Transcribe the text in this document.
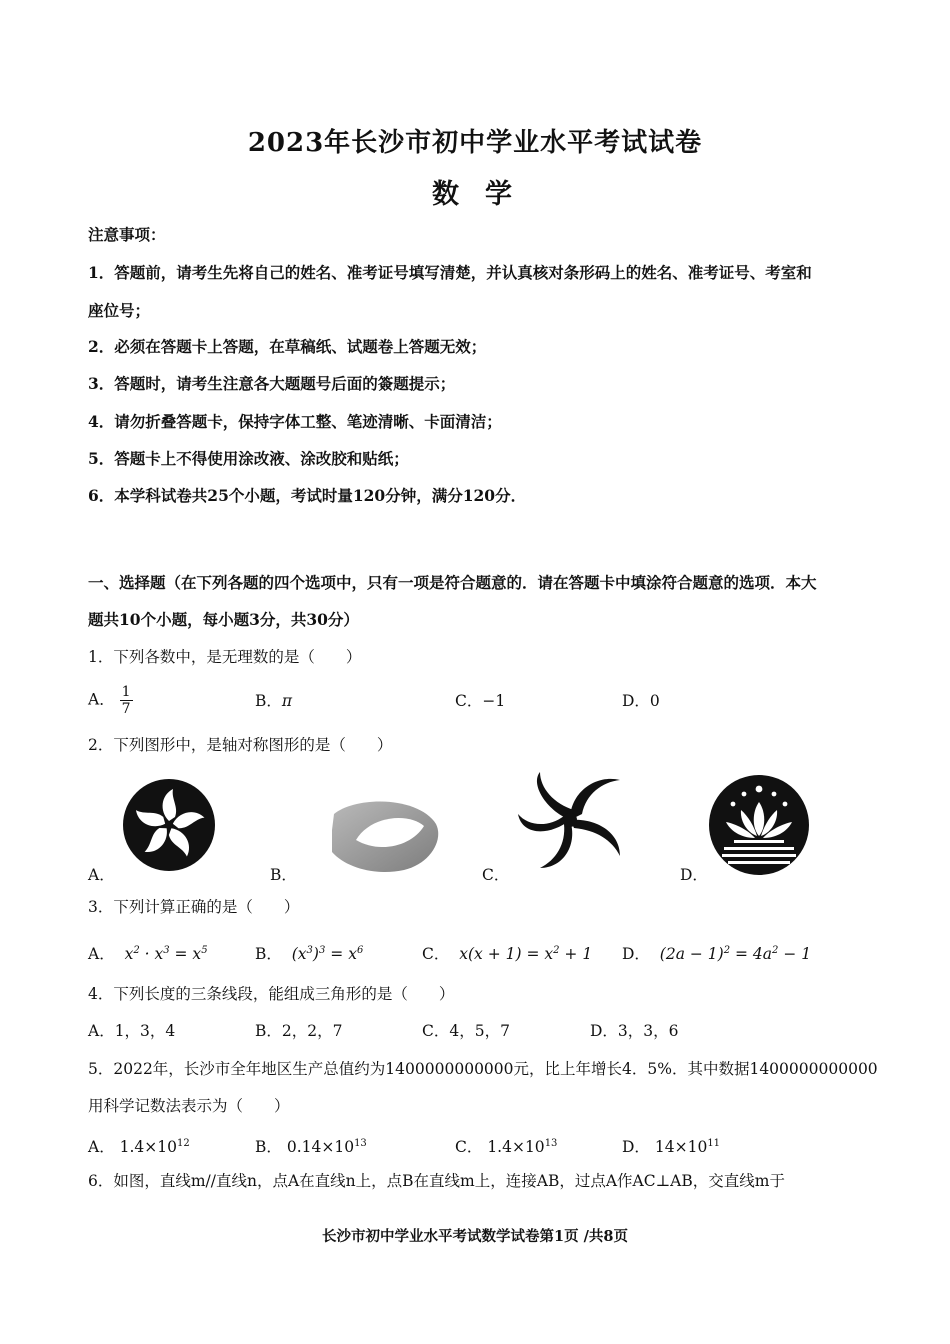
2023年长沙市初中学业水平考试试卷
数学
注意事项：
1．答题前，请考生先将自己的姓名、准考证号填写清楚，并认真核对条形码上的姓名、准考证号、考室和
座位号；
2．必须在答题卡上答题，在草稿纸、试题卷上答题无效；
3．答题时，请考生注意各大题题号后面的簽题提示；
4．请勿折叠答题卡，保持字体工整、笔迹清晰、卡面清洁；
5．答题卡上不得使用涂改液、涂改胶和贴纸；
6．本学科试卷共25个小题，考试时量120分钟，满分120分．
一、选择题（在下列各题的四个选项中，只有一项是符合题意的．请在答题卡中填涂符合题意的选项．本大
题共10个小题，每小题3分，共30分）
1．下列各数中，是无理数的是（　　）
A． $\frac{1}{7}$	B．π	C．−1	D．0
2．下列图形中，是轴对称图形的是（　　）
A．	B．	C．	D．
3．下列计算正确的是（　　）
A．  $x^2 \cdot x^3 = x^5$	B．  $(x^3)^3 = x^6$	C．  $x(x + 1) = x^2 + 1$ D．  $(2a - 1)^2 = 4a^2 - 1$
4．下列长度的三条线段，能组成三角形的是（　　）
A．1，3，4	B．2，2，7	C．4，5，7	D．3，3，6
5．2022年，长沙市全年地区生产总值约为1400000000000元，比上年增长4．5%．其中数据1400000000000
用科学记数法表示为（　　）
A． $1.4\times 10^{12}$	B． $0.14\times 10^{13}$	C． $1.4\times 10^{13}$	D． $14\times 10^{11}$
6．如图，直线m//直线n，点A在直线n上，点B在直线m上，连接AB，过点A作AC⊥AB，交直线m于
长沙市初中学业水平考试数学试卷第1页 /共8页
